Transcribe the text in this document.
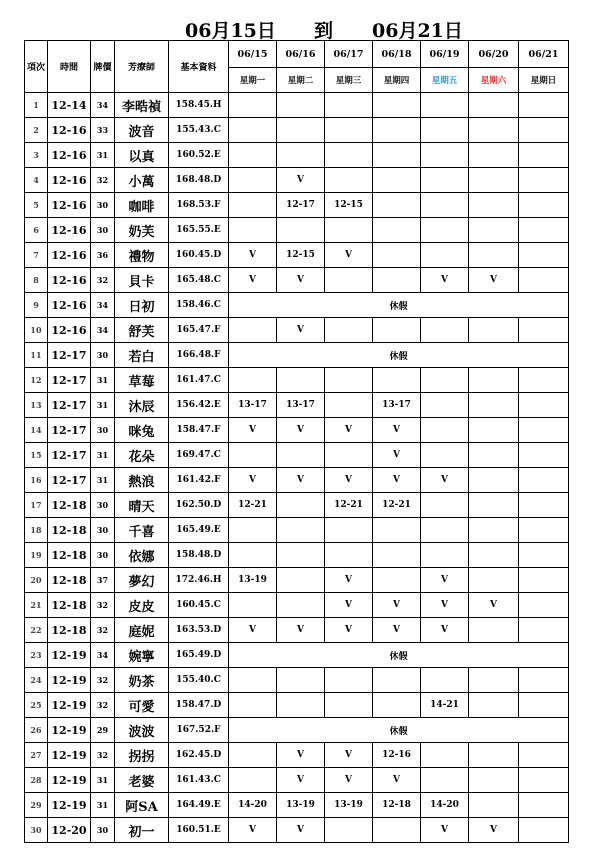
06月15日 到 06月21日
項次	時間	牌價	芳療師	基本資料	06/15	06/16	06/17	06/18	06/19	06/20	06/21
					星期一	星期二	星期三	星期四	星期五	星期六	星期日
1	12-14	34	李晧禎	158.45.H							
2	12-16	33	波音	155.43.C							
3	12-16	31	以真	160.52.E							
4	12-16	32	小萬	168.48.D		V					
5	12-16	30	咖啡	168.53.F		12-17	12-15				
6	12-16	30	奶芙	165.55.E							
7	12-16	36	禮物	160.45.D	V	12-15	V				
8	12-16	32	貝卡	165.48.C	V	V			V	V	
9	12-16	34	日初	158.46.C	休假						
10	12-16	34	舒芙	165.47.F		V					
11	12-17	30	若白	166.48.F	休假						
12	12-17	31	草莓	161.47.C							
13	12-17	31	沐辰	156.42.E	13-17	13-17		13-17			
14	12-17	30	咪兔	158.47.F	V	V	V	V			
15	12-17	31	花朵	169.47.C				V			
16	12-17	31	熱浪	161.42.F	V	V	V	V	V		
17	12-18	30	晴天	162.50.D	12-21		12-21	12-21			
18	12-18	30	千喜	165.49.E							
19	12-18	30	依娜	158.48.D							
20	12-18	37	夢幻	172.46.H	13-19		V		V		
21	12-18	32	皮皮	160.45.C			V	V	V	V	
22	12-18	32	庭妮	163.53.D	V	V	V	V	V		
23	12-19	34	婉寧	165.49.D	休假						
24	12-19	32	奶茶	155.40.C							
25	12-19	32	可愛	158.47.D					14-21		
26	12-19	29	波波	167.52.F	休假						
27	12-19	32	拐拐	162.45.D		V	V	12-16			
28	12-19	31	老婆	161.43.C		V	V	V			
29	12-19	31	阿SA	164.49.E	14-20	13-19	13-19	12-18	14-20		
30	12-20	30	初一	160.51.E	V	V			V	V	
